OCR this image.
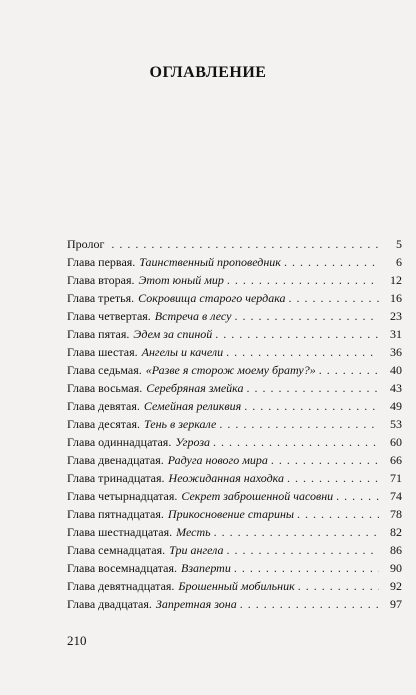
ОГЛАВЛЕНИЕ
Пролог . . .	5
Глава первая. Таинственный проповедник . . .	6
Глава вторая. Этот юный мир . . .	12
Глава третья. Сокровища старого чердака . . .	16
Глава четвертая. Встреча в лесу . . .	23
Глава пятая. Эдем за спиной . . .	31
Глава шестая. Ангелы и качели . . .	36
Глава седьмая. «Разве я сторож моему брату?» . . .	40
Глава восьмая. Серебряная змейка . . .	43
Глава девятая. Семейная реликвия . . .	49
Глава десятая. Тень в зеркале . . .	53
Глава одиннадцатая. Угроза . . .	60
Глава двенадцатая. Радуга нового мира . . .	66
Глава тринадцатая. Неожиданная находка . . .	71
Глава четырнадцатая. Секрет заброшенной часовни . . .	74
Глава пятнадцатая. Прикосновение старины . . .	78
Глава шестнадцатая. Месть . . .	82
Глава семнадцатая. Три ангела . . .	86
Глава восемнадцатая. Взаперти . . .	90
Глава девятнадцатая. Брошенный мобильник . . .	92
Глава двадцатая. Запретная зона . . .	97
210
